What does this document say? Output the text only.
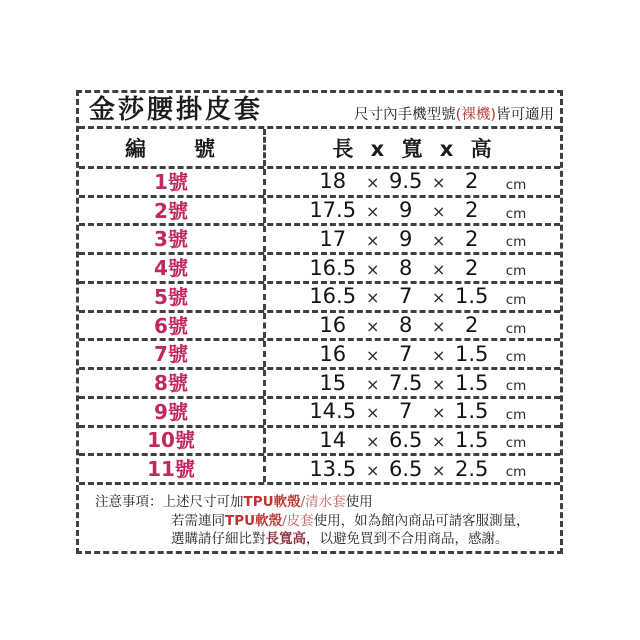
金莎腰掛皮套	尺寸內手機型號(裸機)皆可適用
編　　號	長 x 寬 x 高
1號	18	× 9.5 × 2	cm
2號	17.5 × 9	× 2	cm
3號	17	× 9	× 2	cm
4號	16.5 × 8	× 2	cm
5號	16.5 × 7	× 1.5	cm
6號	16	× 8	× 2	cm
7號	16	× 7	× 1.5	cm
8號	15	× 7.5 × 1.5	cm
9號	14.5 × 7	× 1.5	cm
10號	14	× 6.5 × 1.5	cm
11號	13.5 × 6.5 × 2.5	cm
注意事項：上述尺寸可加TPU軟殼/清水套使用
若需連同TPU軟殼/皮套使用，如為館內商品可請客服測量，
選購請仔細比對長寬高，以避免買到不合用商品，感謝。
